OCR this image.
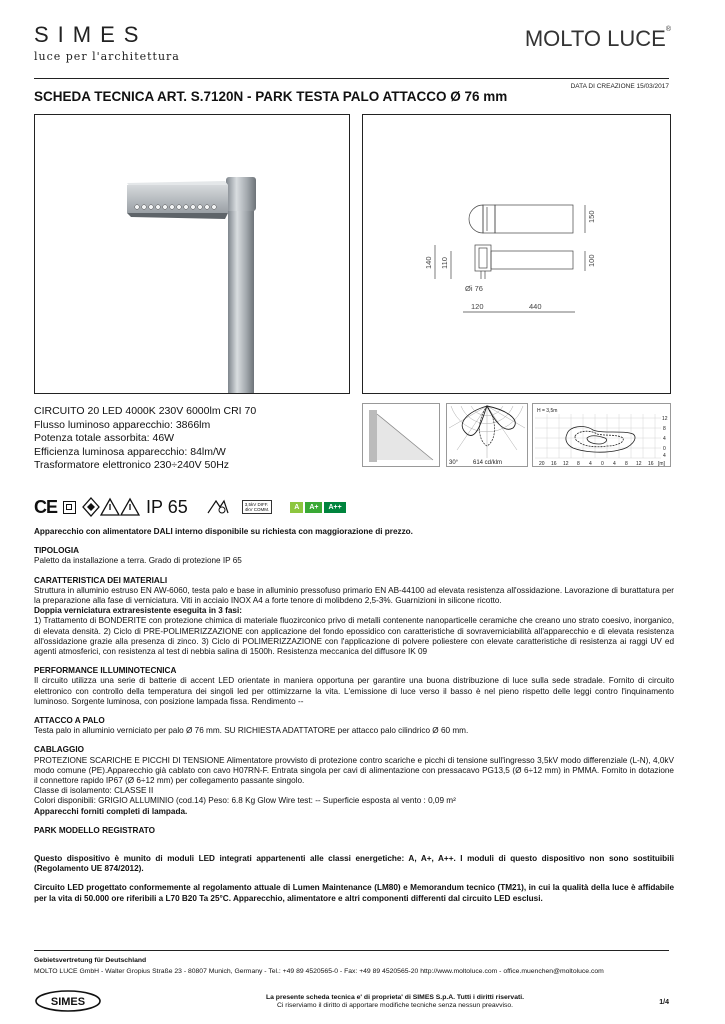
SIMES
luce per l'architettura
MOLTO LUCE®
DATA DI CREAZIONE 15/03/2017
SCHEDA TECNICA ART. S.7120N - PARK TESTA PALO ATTACCO Ø 76 mm
150
140 110	100
Øi 76
120	440
CIRCUITO 20 LED 4000K 230V 6000lm CRI 70
Flusso luminoso apparecchio: 3866lm
Potenza totale assorbita: 46W
Efficienza luminosa apparecchio: 84lm/W
Trasformatore elettronico 230÷240V 50Hz	30° 614 cd/klm
H = 3,5m
12
8
4
0
4
20 16 12 8 4 0 4 8 12 16 [m]
CE	IP 65	3,5kV DIFF.
4kV COMM.	A	A+	A++

Apparecchio con alimentatore DALI interno disponibile su richiesta con maggiorazione di prezzo.

TIPOLOGIA

Paletto da installazione a terra. Grado di protezione IP 65

CARATTERISTICA DEI MATERIALI

Struttura in alluminio estruso EN AW-6060, testa palo e base in alluminio pressofuso primario EN AB-44100 ad elevata resistenza all'ossidazione. Lavorazione di burattatura per la preparazione alla fase di verniciatura. Viti in acciaio INOX A4 a forte tenore di molibdeno 2,5-3%. Guarnizioni in silicone ricotto.

Doppia verniciatura extraresistente eseguita in 3 fasi:

1) Trattamento di BONDERITE con protezione chimica di materiale fluozirconico privo di metalli contenente nanoparticelle ceramiche che creano uno strato coesivo, inorganico, di elevata densità. 2) Ciclo di PRE-POLIMERIZZAZIONE con applicazione del fondo epossidico con caratteristiche di sovraverniciabilità all'apparecchio e di elevata resistenza all'ossidazione grazie alla presenza di zinco. 3) Ciclo di POLIMERIZZAZIONE con l'applicazione di polvere poliestere con elevate caratteristiche di resistenza ai raggi UV ed agenti atmosferici, con resistenza al test di nebbia salina di 1500h. Resistenza meccanica del diffusore IK 09

PERFORMANCE ILLUMINOTECNICA

Il circuito utilizza una serie di batterie di accent LED orientate in maniera opportuna per garantire una buona distribuzione di luce sulla sede stradale. Fornito di circuito elettronico con controllo della temperatura dei singoli led per ottimizzarne la vita. L'emissione di luce verso il basso è nel pieno rispetto delle leggi contro l'inquinamento luminoso. Sorgente luminosa, con posizione lampada fissa. Rendimento --

ATTACCO A PALO

Testa palo in alluminio verniciato per palo Ø 76 mm. SU RICHIESTA ADATTATORE per attacco palo cilindrico Ø 60 mm.

CABLAGGIO

PROTEZIONE SCARICHE E PICCHI DI TENSIONE Alimentatore provvisto di protezione contro scariche e picchi di tensione sull'ingresso 3,5kV modo differenziale (L-N), 4,0kV modo comune (PE).Apparecchio già cablato con cavo H07RN-F. Entrata singola per cavi di alimentazione con pressacavo PG13,5 (Ø 6÷12 mm) in PMMA. Fornito in dotazione il connettore rapido IP67 (Ø 6÷12 mm) per collegamento passante singolo.

Classe di isolamento: CLASSE II

Colori disponibili: GRIGIO ALLUMINIO (cod.14) Peso: 6.8 Kg Glow Wire test: -- Superficie esposta al vento : 0,09 m²

Apparecchi forniti completi di lampada.

PARK MODELLO REGISTRATO

Questo dispositivo è munito di moduli LED integrati appartenenti alle classi energetiche: A, A+, A++. I moduli di questo dispositivo non sono sostituibili (Regolamento UE 874/2012).

Circuito LED progettato conformemente al regolamento attuale di Lumen Maintenance (LM80) e Memorandum tecnico (TM21), in cui la qualità della luce è affidabile per la vita di 50.000 ore riferibili a L70 B20 Ta 25°C. Apparecchio, alimentatore e altri componenti differenti dal circuito LED esclusi.

Gebietsvertretung für Deutschland
MOLTO LUCE GmbH - Walter Gropius Straße 23 - 80807 Munich, Germany - Tel.: +49 89 4520565-0 - Fax: +49 89 4520565-20 http://www.moltoluce.com - office.muenchen@moltoluce.com
SIMES	La presente scheda tecnica e' di proprieta' di SIMES S.p.A. Tutti i diritti riservati.
Ci riserviamo il diritto di apportare modifiche tecniche senza nessun preavviso.	1/4
